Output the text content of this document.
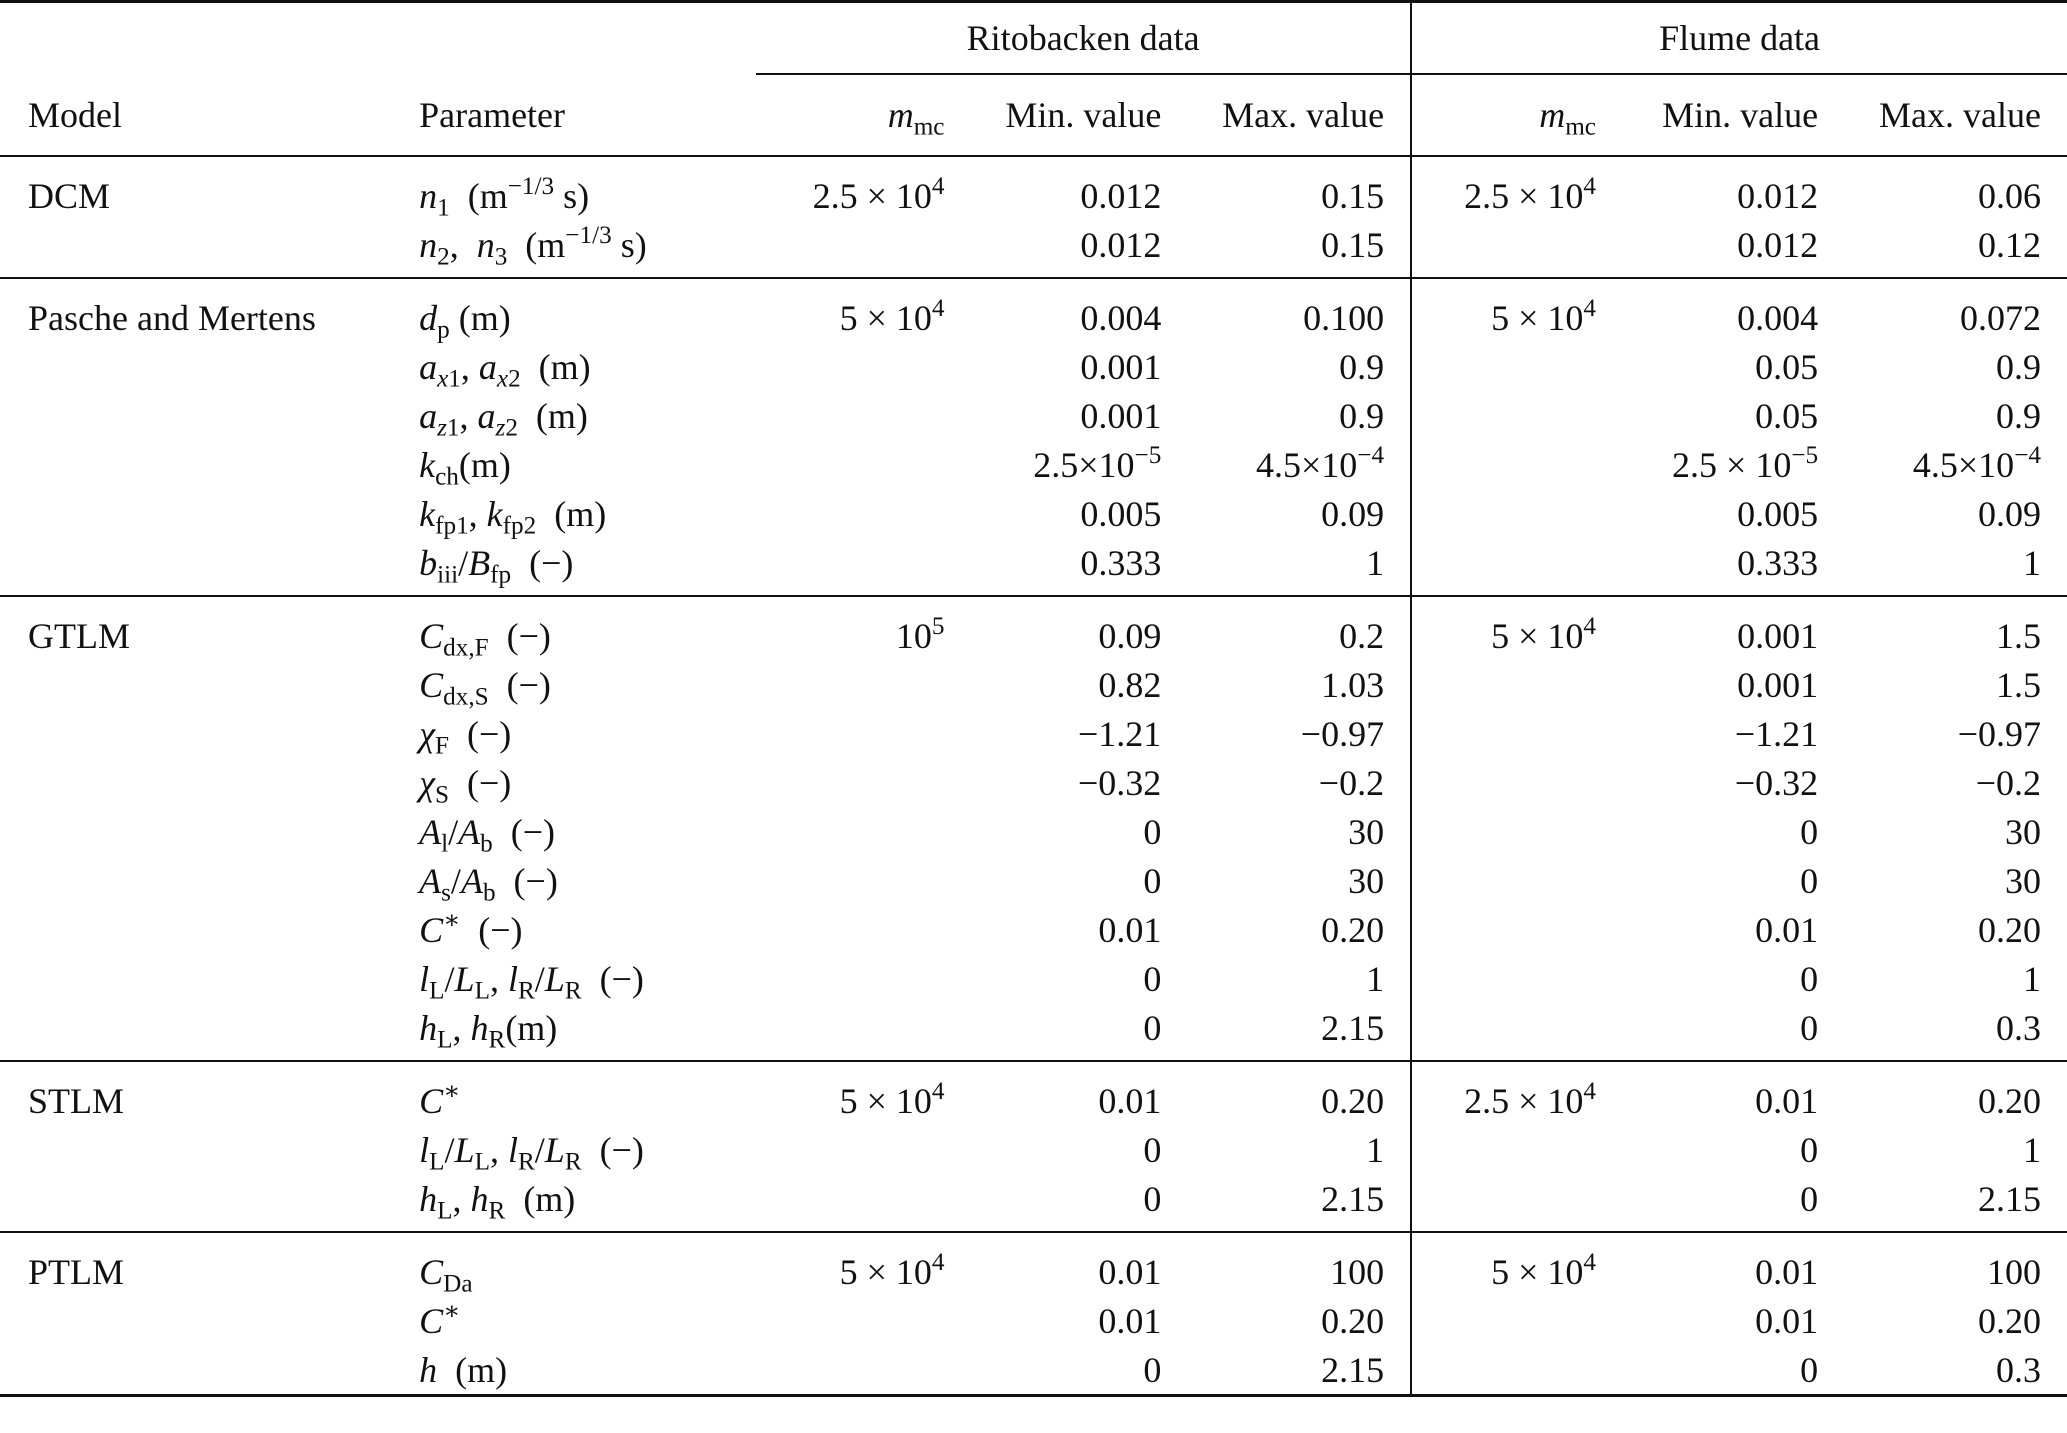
		Ritobacken data			Flume data		
Model	Parameter	$m_{mc}$	Min. value	Max. value	$m_{mc}$	Min. value	Max. value
DCM	$n_1$  ($m^{-1/3}$ s)	$2.5 \times 10^4$	0.012	0.15	$2.5 \times 10^4$	0.012	0.06
	$n_2$,  $n_3$  ($m^{-1/3}$ s)		0.012	0.15		0.012	0.12
Pasche and Mertens	$d_p$ (m)	$5 \times 10^4$	0.004	0.100	$5 \times 10^4$	0.004	0.072
	$a_{x1}$, $a_{x2}$  (m)		0.001	0.9		0.05	0.9
	$a_{z1}$, $a_{z2}$  (m)		0.001	0.9		0.05	0.9
	$k_{ch}(m)$		$2.5\times 10^{-5}$	$4.5\times 10^{-4}$		$2.5 \times 10^{-5}$	$4.5\times 10^{-4}$
	$k_{fp1}$, $k_{fp2}$  (m)		0.005	0.09		0.005	0.09
	$b_{iii}/B_{fp}$  (−)		0.333	1		0.333	1
GTLM	$C_{dx,F}$  (−)	$10^5$	0.09	0.2	$5 \times 10^4$	0.001	1.5
	$C_{dx,S}$  (−)		0.82	1.03		0.001	1.5
	$\chi_F$  (−)		−1.21	−0.97		−1.21	−0.97
	$\chi_S$  (−)		−0.32	−0.2		−0.32	−0.2
	$A_l/A_b$  (−)		0	30		0	30
	$A_s/A_b$  (−)		0	30		0	30
	C∗  (−)		0.01	0.20		0.01	0.20
	$l_L/L_L$, $l_R/L_R$  (−)		0	1		0	1
	$h_L$, $h_R(m)$		0	2.15		0	0.3
STLM	C∗	$5 \times 10^4$	0.01	0.20	$2.5 \times 10^4$	0.01	0.20
	$l_L/L_L$, $l_R/L_R$  (−)		0	1		0	1
	$h_L$, $h_R$  (m)		0	2.15		0	2.15
PTLM	$C_{Da}$	$5 \times 10^4$	0.01	100	$5 \times 10^4$	0.01	100
	C∗		0.01	0.20		0.01	0.20
	h  (m)		0	2.15		0	0.3
